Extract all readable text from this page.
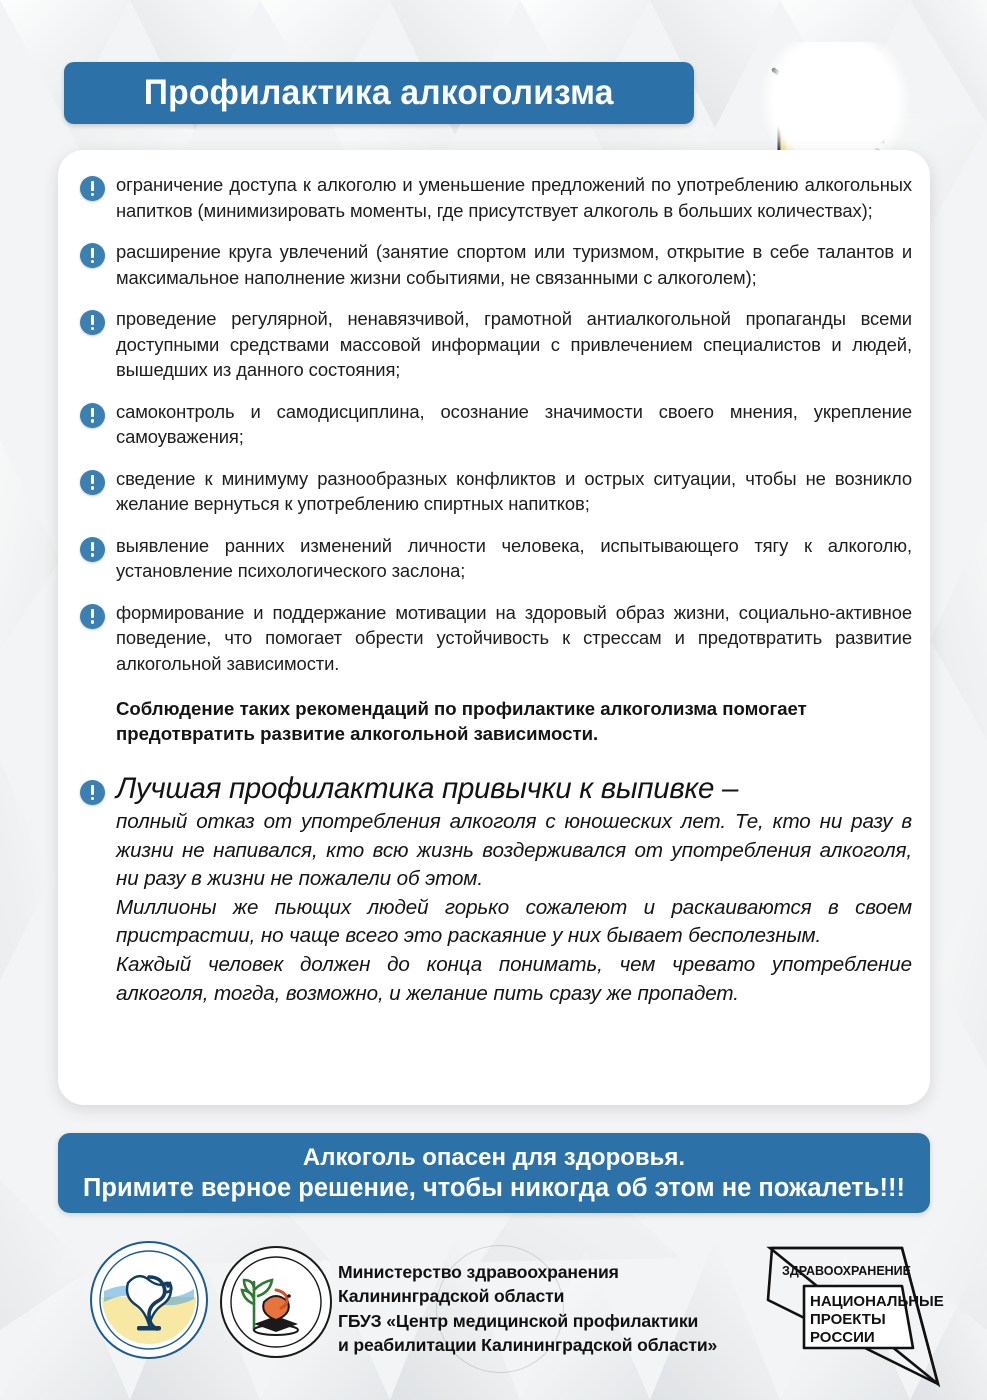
Профилактика алкоголизма
ограничение доступа к алкоголю и уменьшение предложений по употреблению алкогольных напитков (минимизировать моменты, где присутствует алкоголь в больших количествах);
расширение круга увлечений (занятие спортом или туризмом, открытие в себе талантов и максимальное наполнение жизни событиями, не связанными с алкоголем);
проведение регулярной, ненавязчивой, грамотной антиалкогольной пропаганды всеми доступными средствами массовой информации с привлечением специалистов и людей, вышедших из данного состояния;
самоконтроль и самодисциплина, осознание значимости своего мнения, укрепление самоуважения;
сведение к минимуму разнообразных конфликтов и острых ситуации, чтобы не возникло желание вернуться к употреблению спиртных напитков;
выявление ранних изменений личности человека, испытывающего тягу к алкоголю, установление психологического заслона;
формирование и поддержание мотивации на здоровый образ жизни, социально-активное поведение, что помогает обрести устойчивость к стрессам и предотвратить развитие алкогольной зависимости.
Соблюдение таких рекомендаций по профилактике алкоголизма помогает предотвратить развитие алкогольной зависимости.
Лучшая профилактика привычки к выпивке –

полный отказ от употребления алкоголя с юношеских лет. Те, кто ни разу в жизни не напивался, кто всю жизнь воздерживался от употребления алкоголя, ни разу в жизни не пожалели об этом.

Миллионы же пьющих людей горько сожалеют и раскаиваются в своем пристрастии, но чаще всего это раскаяние у них бывает бесполезным.

Каждый человек должен до конца понимать, чем чревато употребление алкоголя, тогда, возможно, и желание пить сразу же пропадет.

Алкоголь опасен для здоровья.
Примите верное решение, чтобы никогда об этом не пожалеть!!!
Министерство здравоохранения
Калининградской области
ГБУЗ «Центр медицинской профилактики
и реабилитации Калининградской области»
ЗДРАВООХРАНЕНИЕ
НАЦИОНАЛЬНЫЕ
ПРОЕКТЫ
РОССИИ
